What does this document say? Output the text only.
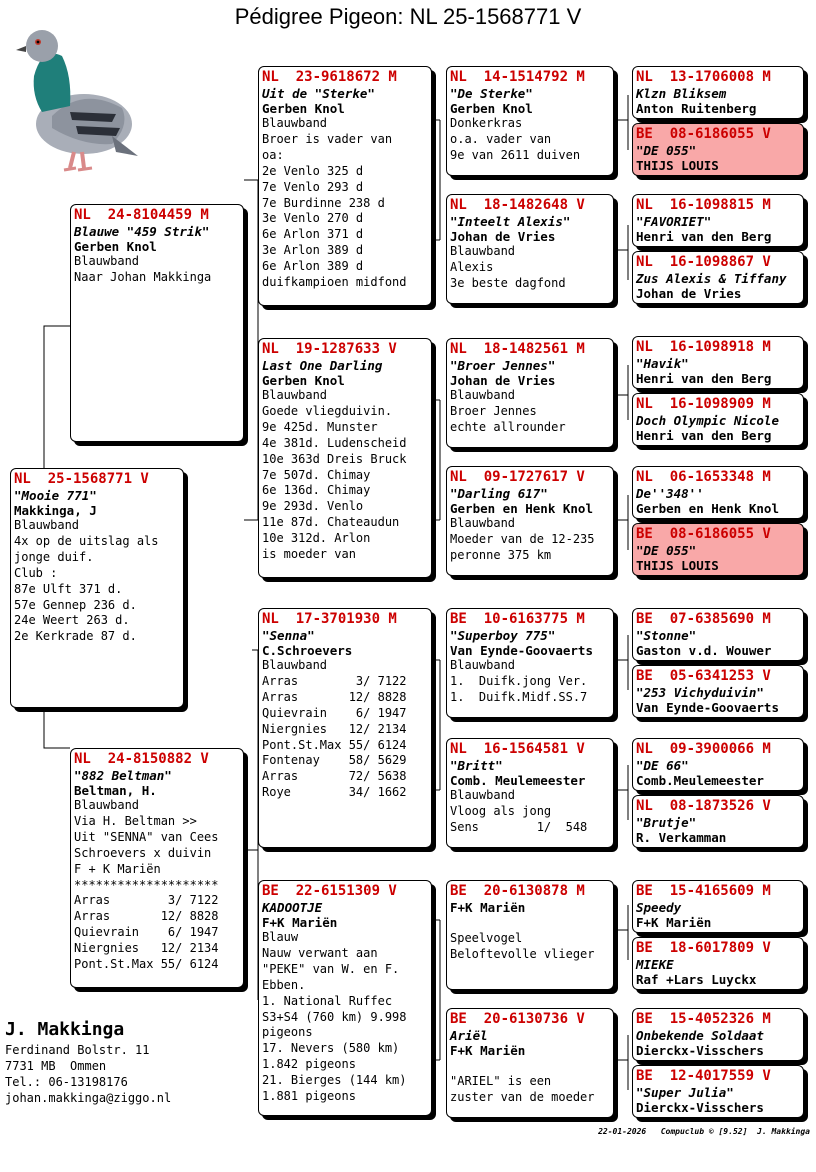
Pédigree Pigeon: NL 25-1568771 V
NL  25-1568771 V
"Mooie 771"
Makkinga, J
Blauwband
4x op de uitslag als
jonge duif.
Club :
87e Ulft 371 d.
57e Gennep 236 d.
24e Weert 263 d.
2e Kerkrade 87 d.
NL  24-8104459 M
Blauwe "459 Strik"
Gerben Knol
Blauwband
Naar Johan Makkinga
NL  24-8150882 V
"882 Beltman"
Beltman, H.
Blauwband
Via H. Beltman >>
Uit "SENNA" van Cees
Schroevers x duivin
F + K Mariën
********************
Arras        3/ 7122
Arras       12/ 8828
Quievrain    6/ 1947
Niergnies   12/ 2134
Pont.St.Max 55/ 6124
NL  23-9618672 M
Uit de "Sterke"
Gerben Knol
Blauwband
Broer is vader van
oa:
2e Venlo 325 d
7e Venlo 293 d
7e Burdinne 238 d
3e Venlo 270 d
6e Arlon 371 d
3e Arlon 389 d
6e Arlon 389 d
duifkampioen midfond
NL  19-1287633 V
Last One Darling
Gerben Knol
Blauwband
Goede vliegduivin.
9e 425d. Munster
4e 381d. Ludenscheid
10e 363d Dreis Bruck
7e 507d. Chimay
6e 136d. Chimay
9e 293d. Venlo
11e 87d. Chateaudun
10e 312d. Arlon
is moeder van
NL  17-3701930 M
"Senna"
C.Schroevers
Blauwband
Arras        3/ 7122
Arras       12/ 8828
Quievrain    6/ 1947
Niergnies   12/ 2134
Pont.St.Max 55/ 6124
Fontenay    58/ 5629
Arras       72/ 5638
Roye        34/ 1662
BE  22-6151309 V
KADOOTJE
F+K Mariën
Blauw
Nauw verwant aan
"PEKE" van W. en F.
Ebben.
1. National Ruffec
S3+S4 (760 km) 9.998
pigeons
17. Nevers (580 km)
1.842 pigeons
21. Bierges (144 km)
1.881 pigeons
NL  14-1514792 M
"De Sterke"
Gerben Knol
Donkerkras
o.a. vader van
9e van 2611 duiven
NL  18-1482648 V
"Inteelt Alexis"
Johan de Vries
Blauwband
Alexis
3e beste dagfond
NL  18-1482561 M
"Broer Jennes"
Johan de Vries
Blauwband
Broer Jennes
echte allrounder
NL  09-1727617 V
"Darling 617"
Gerben en Henk Knol
Blauwband
Moeder van de 12-235
peronne 375 km
BE  10-6163775 M
"Superboy 775"
Van Eynde-Goovaerts
Blauwband
1.  Duifk.jong Ver.
1.  Duifk.Midf.SS.7
NL  16-1564581 V
"Britt"
Comb. Meulemeester
Blauwband
Vloog als jong
Sens        1/  548
BE  20-6130878 M
F+K Mariën

Speelvogel
Beloftevolle vlieger
BE  20-6130736 V
Ariël
F+K Mariën

"ARIEL" is een
zuster van de moeder
NL  13-1706008 M
Klzn Bliksem
Anton Ruitenberg
BE  08-6186055 V
"DE 055"
THIJS LOUIS
NL  16-1098815 M
"FAVORIET"
Henri van den Berg
NL  16-1098867 V
Zus Alexis & Tiffany
Johan de Vries
NL  16-1098918 M
"Havik"
Henri van den Berg
NL  16-1098909 M
Doch Olympic Nicole
Henri van den Berg
NL  06-1653348 M
De''348''
Gerben en Henk Knol
BE  08-6186055 V
"DE 055"
THIJS LOUIS
BE  07-6385690 M
"Stonne"
Gaston v.d. Wouwer
BE  05-6341253 V
"253 Vichyduivin"
Van Eynde-Goovaerts
NL  09-3900066 M
"DE 66"
Comb.Meulemeester
NL  08-1873526 V
"Brutje"
R. Verkamman
BE  15-4165609 M
Speedy
F+K Mariën
BE  18-6017809 V
MIEKE
Raf +Lars Luyckx
BE  15-4052326 M
Onbekende Soldaat
Dierckx-Visschers
BE  12-4017559 V
"Super Julia"
Dierckx-Visschers
J. Makkinga
Ferdinand Bolstr. 11
7731 MB  Ommen
Tel.: 06-13198176
johan.makkinga@ziggo.nl
22-01-2026   Compuclub © [9.52]  J. Makkinga
